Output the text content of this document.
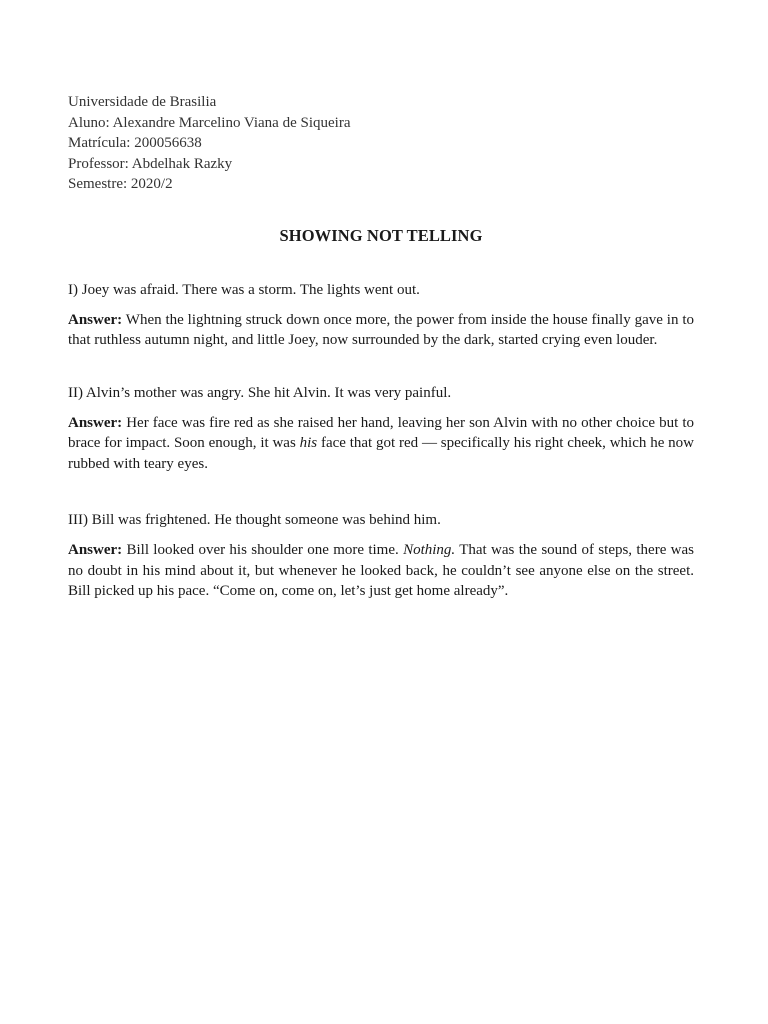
Universidade de Brasilia

Aluno: Alexandre Marcelino Viana de Siqueira

Matrícula: 200056638

Professor: Abdelhak Razky

Semestre: 2020/2

SHOWING NOT TELLING

I) Joey was afraid. There was a storm. The lights went out.

Answer: When the lightning struck down once more, the power from inside the house finally gave in to that ruthless autumn night, and little Joey, now surrounded by the dark, started crying even louder.

II) Alvin’s mother was angry. She hit Alvin. It was very painful.

Answer: Her face was fire red as she raised her hand, leaving her son Alvin with no other choice but to brace for impact. Soon enough, it was his face that got red — specifically his right cheek, which he now rubbed with teary eyes.

III) Bill was frightened. He thought someone was behind him.

Answer: Bill looked over his shoulder one more time. Nothing. That was the sound of steps, there was no doubt in his mind about it, but whenever he looked back, he couldn’t see anyone else on the street. Bill picked up his pace. “Come on, come on, let’s just get home already”.
